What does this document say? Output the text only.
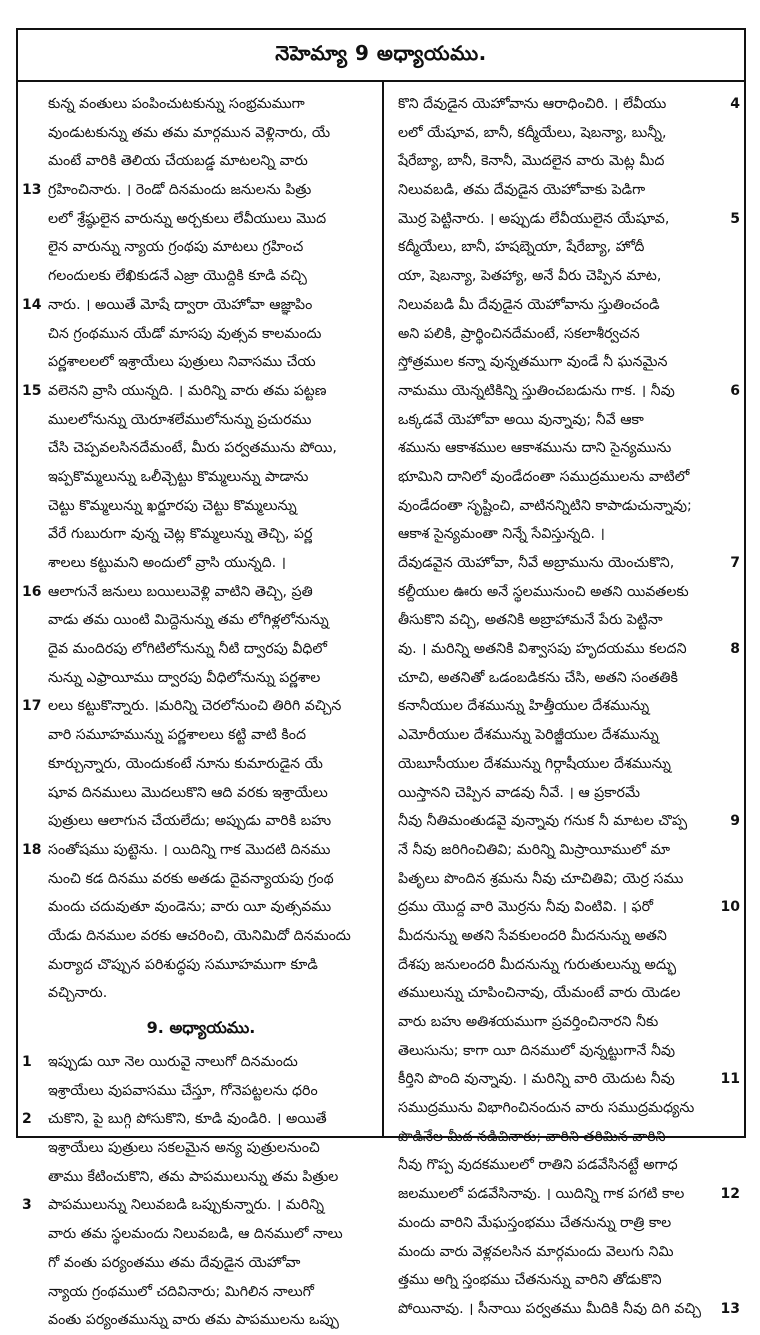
నెహెమ్యా 9 అధ్యాయము.
కున్న వంతులు పంపించుటకున్ను సంభ్రమముగా
వుండుటకున్ను తమ తమ మార్గమున వెళ్లినారు, యే
మంటే వారికి తెలియ చేయబడ్డ మాటలన్ని వారు
13 గ్రహించినారు. । రెండో దినమందు జనులను పిత్రు
లలో శ్రేష్ఠులైన వారున్ను అర్చకులు లేవీయులు మొద
లైన వారున్ను న్యాయ గ్రంథపు మాటలు గ్రహించ
గలందులకు లేఖికుడనే ఎజ్రా యొద్దికి కూడి వచ్చి
14 నారు. । అయితే మోషే ద్వారా యెహోవా ఆజ్ఞాపిం
చిన గ్రంథమున యేడో మాసపు వుత్సవ కాలమందు
పర్ణశాలలలో ఇశ్రాయేలు పుత్రులు నివాసము చేయ
15 వలెనని వ్రాసి యున్నది. । మరిన్ని వారు తమ పట్టణ
ములలోనున్ను యెరూశలేములోనున్ను ప్రచురము
చేసి చెప్పవలసినదేమంటే, మీరు పర్వతమును పోయి,
ఇప్పకొమ్మలున్ను ఒలీవ్చెట్టు కొమ్మలున్ను పాడాను
చెట్టు కొమ్మలున్ను ఖర్జూరపు చెట్టు కొమ్మలున్ను
వేరే గుబురుగా వున్న చెట్ల కొమ్మలున్ను తెచ్చి, పర్ణ
శాలలు కట్టుమని అందులో వ్రాసి యున్నది. ।
16 ఆలాగునే జనులు బయిలువెళ్లి వాటిని తెచ్చి, ప్రతి
వాడు తమ యింటి మిద్దెనున్ను తమ లోగిళ్లలోనున్ను
దైవ మందిరపు లోగిటిలోనున్ను నీటి ద్వారపు వీధిలో
నున్ను ఎఫ్రాయీము ద్వారపు వీధిలోనున్ను పర్ణశాల
17 లలు కట్టుకొన్నారు. ।మరిన్ని చెరలోనుంచి తిరిగి వచ్చిన
వారి సమూహమున్ను పర్ణశాలలు కట్టి వాటి కింద
కూర్చున్నారు, యెందుకంటే నూను కుమారుడైన యే
షూవ దినములు మొదలుకొని ఆది వరకు ఇశ్రాయేలు
పుత్రులు ఆలాగున చేయలేదు; అప్పుడు వారికి బహు
18 సంతోషము పుట్టెను. । యిదిన్ని గాక మొదటి దినము
నుంచి కడ దినము వరకు అతడు దైవన్యాయపు గ్రంథ
మందు చదువుతూ వుండెను; వారు యీ వుత్సవము
యేడు దినముల వరకు ఆచరించి, యెనిమిదో దినమందు
మర్యాద చొప్పున పరిశుద్ధపు సమూహముగా కూడి
వచ్చినారు.
9. అధ్యాయము.
1 ఇప్పుడు యీ నెల యిరువై నాలుగో దినమందు
ఇశ్రాయేలు వుపవాసము చేస్తూ, గోనెపట్టలను ధరిం
2 చుకొని, పై బుగ్గి పోసుకొని, కూడి వుండిరి. । అయితే
ఇశ్రాయేలు పుత్రులు సకలమైన అన్య పుత్రులనుంచి
తాము కేటించుకొని, తమ పాపములున్ను తమ పిత్రుల
3 పాపములున్ను నిలువబడి ఒప్పుకున్నారు. । మరిన్ని
వారు తమ స్థలమందు నిలువబడి, ఆ దినములో నాలు
గో వంతు పర్యంతము తమ దేవుడైన యెహోవా
న్యాయ గ్రంథములో చదివినారు; మిగిలిన నాలుగో
వంతు పర్యంతమున్ను వారు తమ పాపములను ఒప్పు
4
కొని దేవుడైన యెహోవాను ఆరాధించిరి. । లేవీయు
లలో యేషూవ, బానీ, కద్మీయేలు, షెబన్యా, బున్నీ,
షేరేబ్యా, బానీ, కెనానీ, మొదలైన వారు మెట్ల మీద
నిలువబడి, తమ దేవుడైన యెహోవాకు పెడిగా
5
మొర్ర పెట్టినారు. । అప్పుడు లేవీయులైన యేషూవ,
కద్మీయేలు, బానీ, హషబ్నెయా, షేరేబ్యా, హోదీ
యా, షెబన్యా, పెతహ్యా, అనే వీరు చెప్పిన మాట,
నిలువబడి మీ దేవుడైన యెహోవాను స్తుతించండి
అని పలికి, ప్రార్థించినదేమంటే, సకలాశీర్వచన
స్తోత్రముల కన్నా వున్నతముగా వుండే నీ ఘనమైన
6
నామము యెన్నటికిన్ని స్తుతించబడును గాక. । నీవు
ఒక్కడవే యెహోవా అయి వున్నావు; నీవే ఆకా
శమును ఆకాశముల ఆకాశమును దాని సైన్యమును
భూమిని దానిలో వుండేదంతా సముద్రములను వాటిలో
వుండేదంతా సృష్టించి, వాటినన్నిటిని కాపాడుచున్నావు;
ఆకాశ సైన్యమంతా నిన్నే సేవిస్తున్నది. ।
7
దేవుడవైన యెహోవా, నీవే అబ్రామును యెంచుకొని,
కల్దీయుల ఊరు అనే స్థలమునుంచి అతని యివతలకు
తీసుకొని వచ్చి, అతనికి అబ్రాహామనే పేరు పెట్టినా
8
వు. । మరిన్ని అతనికి విశ్వాసపు హృదయము కలదని
చూచి, అతనితో ఒడంబడికను చేసి, అతని సంతతికి
కనానీయుల దేశమున్ను హిత్తీయుల దేశమున్ను
ఎమోరీయుల దేశమున్ను పెరిజ్జీయుల దేశమున్ను
యెబూసీయుల దేశమున్ను గిర్గాషీయుల దేశమున్ను
యిస్తానని చెప్పిన వాడవు నీవే. । ఆ ప్రకారమే
9
నీవు నీతిమంతుడవై వున్నావు గనుక నీ మాటల చొప్ప
నే నీవు జరిగించితివి; మరిన్ని మిస్రాయీములో మా
పితృలు పొందిన శ్రమను నీవు చూచితివి; యెర్ర సము
10
ద్రము యొద్ద వారి మొర్రను నీవు వింటివి. । ఫరో
మీదనున్ను అతని సేవకులందరి మీదనున్ను అతని
దేశపు జనులందరి మీదనున్ను గురుతులున్ను అద్భు
తములున్ను చూపించినావు, యేమంటే వారు యెడల
వారు బహు అతిశయముగా ప్రవర్తించినారని నీకు
తెలుసును; కాగా యీ దినములో వున్నట్టుగానే నీవు
11
కీర్తిని పొంది వున్నావు. । మరిన్ని వారి యెదుట నీవు
సముద్రమును విభాగించినందున వారు సముద్రమధ్యను
పొడినేల మీద నడిచినారు; వారిని తరిమిన వారిని
నీవు గొప్ప వుదకములలో రాతిని పడవేసినట్టే అగాధ
12
జలములలో పడవేసినావు. । యిదిన్ని గాక పగటి కాల
మందు వారిని మేఘస్తంభము చేతనున్ను రాత్రి కాల
మందు వారు వెళ్లవలసిన మార్గమందు వెలుగు నిమి
త్తము అగ్ని స్తంభము చేతనున్ను వారిని తోడుకొని
13
పోయినావు. । సీనాయి పర్వతము మీదికి నీవు దిగి వచ్చి
